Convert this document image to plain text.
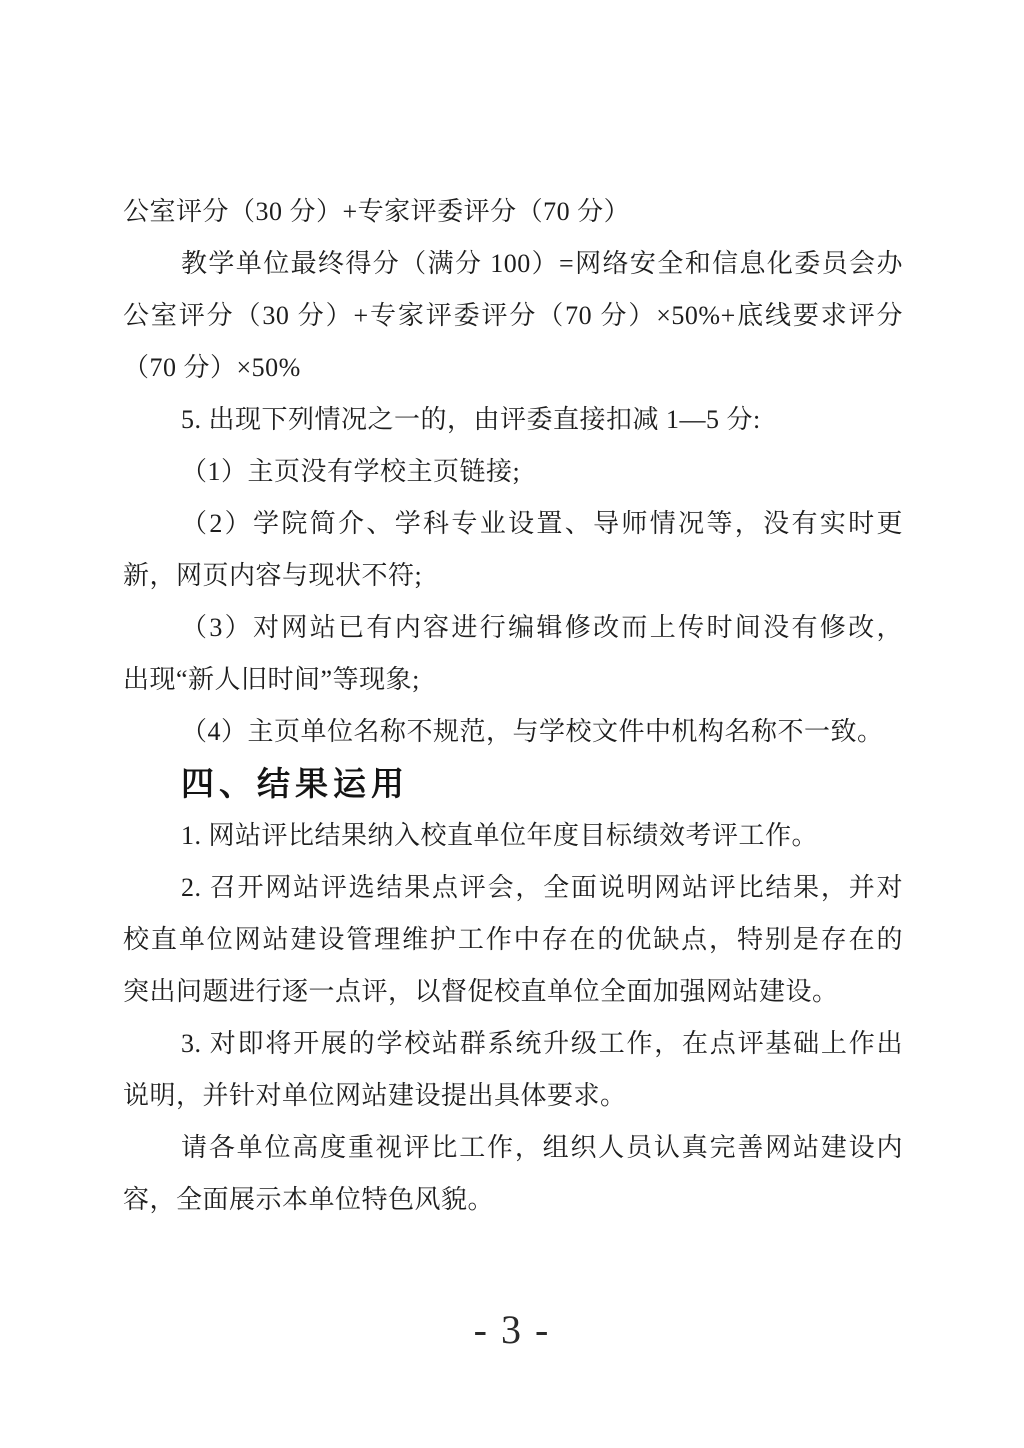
公室评分（30 分）+专家评委评分（70 分）
教学单位最终得分（满分 100）=网络安全和信息化委员会办
公室评分（30 分）+专家评委评分（70 分）×50%+底线要求评分
（70 分）×50%
5. 出现下列情况之一的，由评委直接扣减 1—5 分:
（1）主页没有学校主页链接;
（2）学院简介、学科专业设置、导师情况等，没有实时更
新，网页内容与现状不符;
（3）对网站已有内容进行编辑修改而上传时间没有修改，
出现“新人旧时间”等现象;
（4）主页单位名称不规范，与学校文件中机构名称不一致。
四、结果运用
1. 网站评比结果纳入校直单位年度目标绩效考评工作。
2. 召开网站评选结果点评会，全面说明网站评比结果，并对
校直单位网站建设管理维护工作中存在的优缺点，特别是存在的
突出问题进行逐一点评，以督促校直单位全面加强网站建设。
3. 对即将开展的学校站群系统升级工作，在点评基础上作出
说明，并针对单位网站建设提出具体要求。
请各单位高度重视评比工作，组织人员认真完善网站建设内
容，全面展示本单位特色风貌。
- 3 -
